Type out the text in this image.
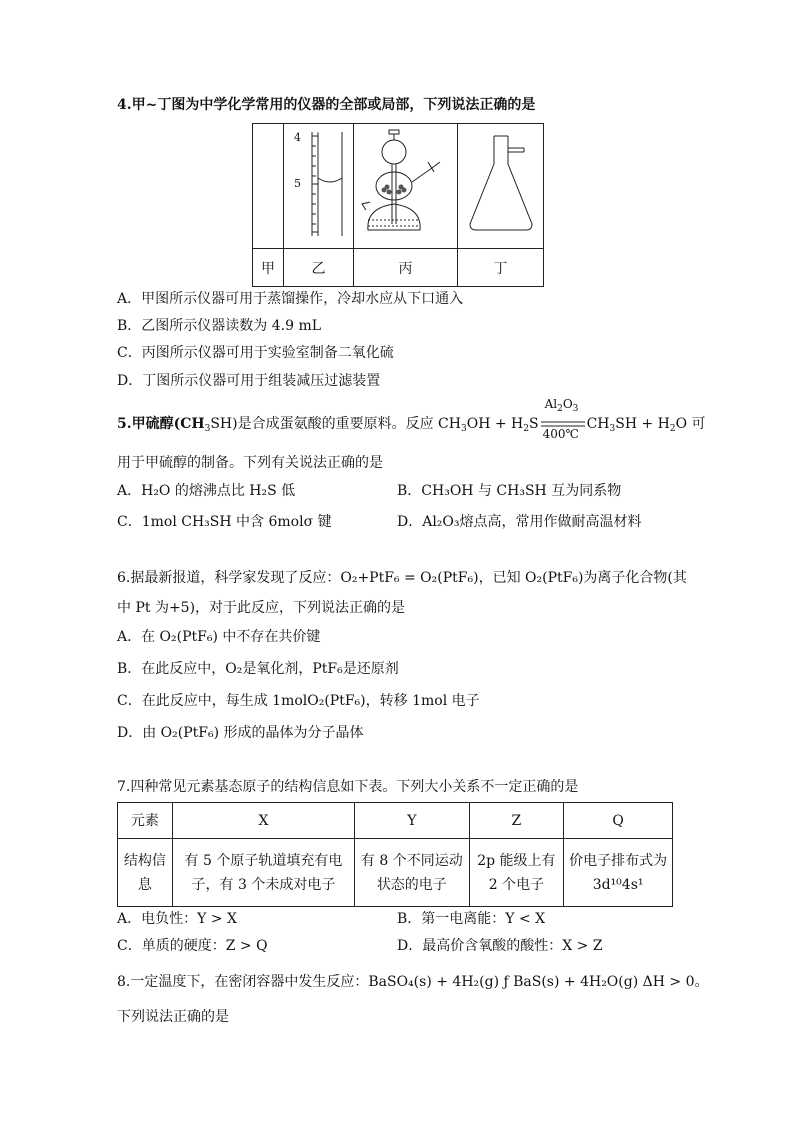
4.甲~丁图为中学化学常用的仪器的全部或局部，下列说法正确的是

甲	乙	丙	丁
4
5
A．甲图所示仪器可用于蒸馏操作，冷却水应从下口通入
B．乙图所示仪器读数为 4.9 mL
C．丙图所示仪器可用于实验室制备二氧化硫
D．丁图所示仪器可用于组装减压过滤装置
5.甲硫醇$(CH_3SH)$是合成蛋氨酸的重要原料。反应 $CH_3OH + H_2S$
$Al_2O_3$
400℃
$CH_3SH + H_2O$ 可
用于甲硫醇的制备。下列有关说法正确的是
A．H₂O 的熔沸点比 H₂S 低	B．CH₃OH 与 CH₃SH 互为同系物
C．1mol CH₃SH 中含 6molσ 键	D．Al₂O₃熔点高，常用作做耐高温材料
6.据最新报道，科学家发现了反应：O₂+PtF₆ = O₂(PtF₆)，已知 O₂(PtF₆)为离子化合物(其
中 Pt 为+5)，对于此反应，下列说法正确的是
A．在 O₂(PtF₆) 中不存在共价键
B．在此反应中，O₂是氧化剂，PtF₆是还原剂
C．在此反应中，每生成 1molO₂(PtF₆)，转移 1mol 电子
D．由 O₂(PtF₆) 形成的晶体为分子晶体
7.四种常见元素基态原子的结构信息如下表。下列大小关系不一定正确的是
元素	X	Y	Z	Q
结构信息	有 5 个原子轨道填充有电子，有 3 个未成对电子	有 8 个不同运动状态的电子	2p 能级上有 2 个电子	价电子排布式为 3d¹⁰4s¹
A．电负性：Y > X	B．第一电离能：Y < X
C．单质的硬度：Z > Q	D．最高价含氧酸的酸性：X > Z
8.一定温度下，在密闭容器中发生反应：BaSO₄(s) + 4H₂(g) ƒ BaS(s) + 4H₂O(g) ΔH > 0。
下列说法正确的是
